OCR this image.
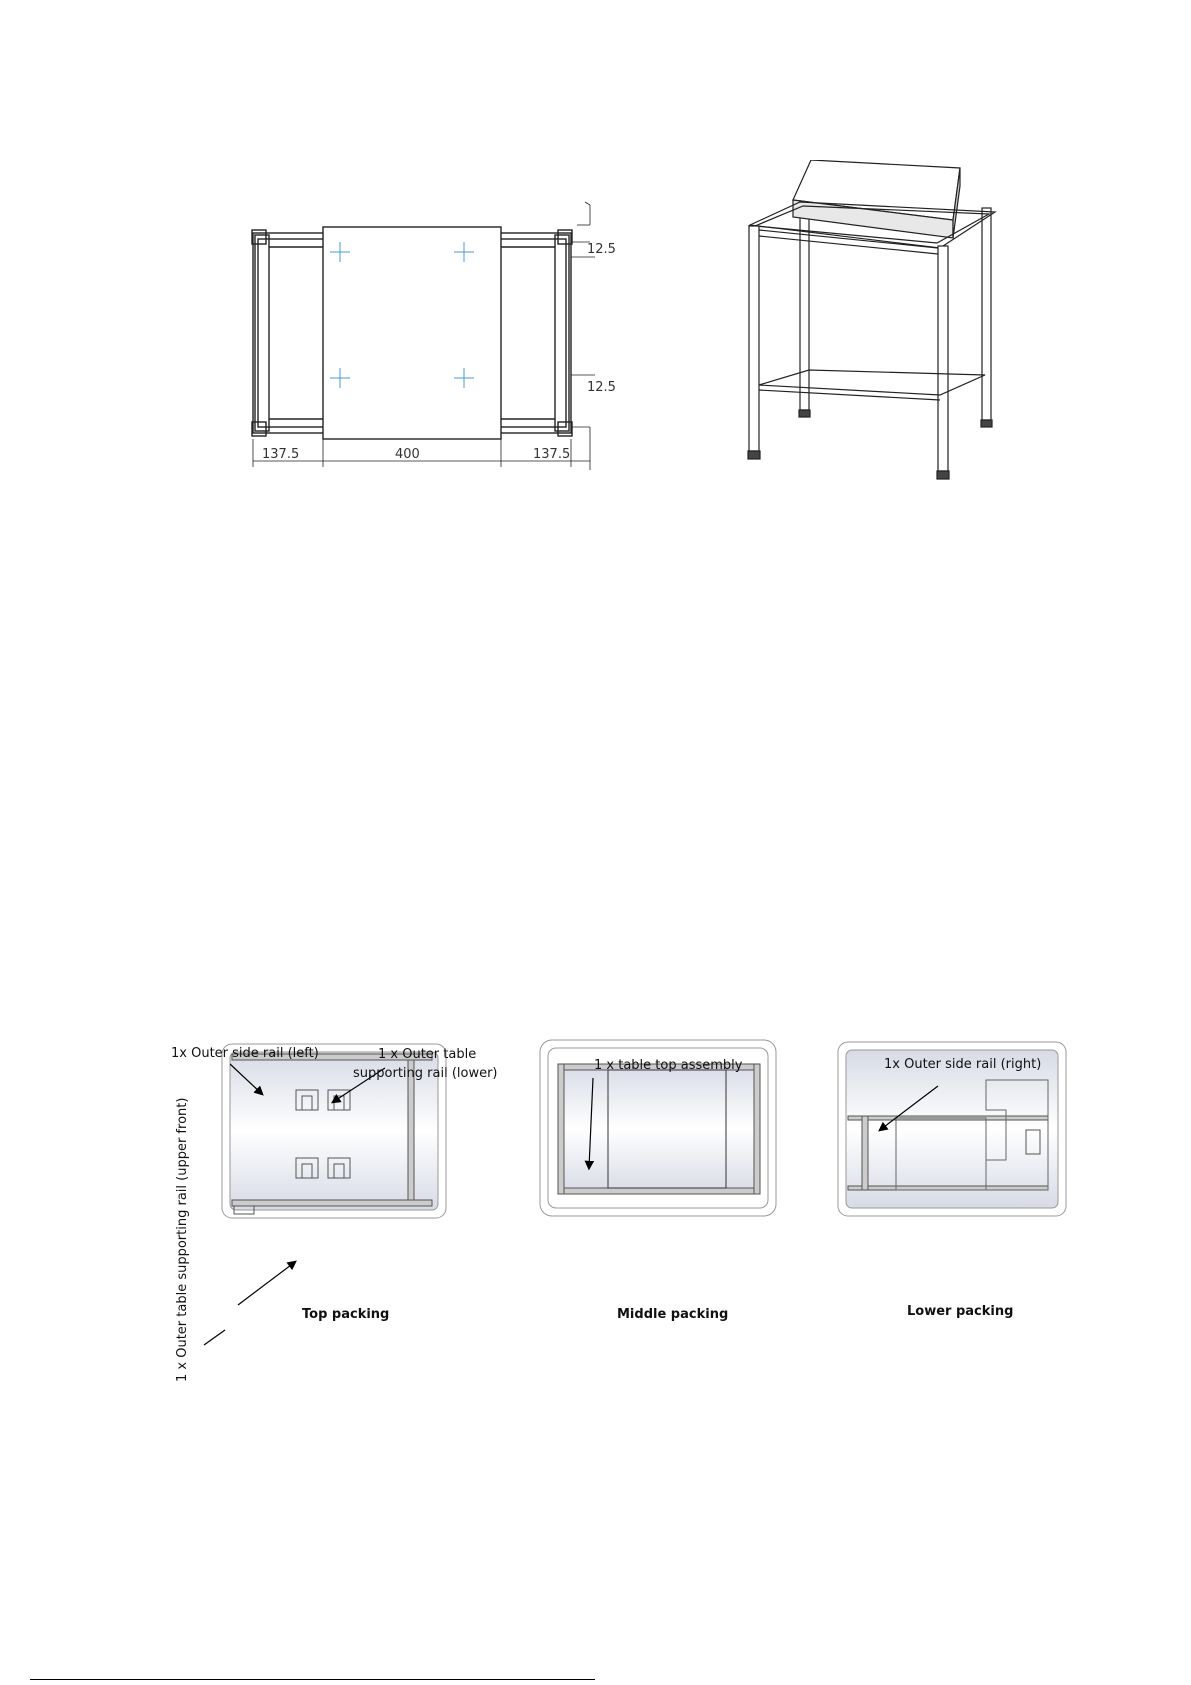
137.5	400	137.5
12.5
12.5
1x Outer side rail (left)	1 x Outer table
supporting rail (lower)
1 x Outer table supporting rail (upper front)
1 x table top assembly	1x Outer side rail (right)
Top packing	Middle packing	Lower packing
